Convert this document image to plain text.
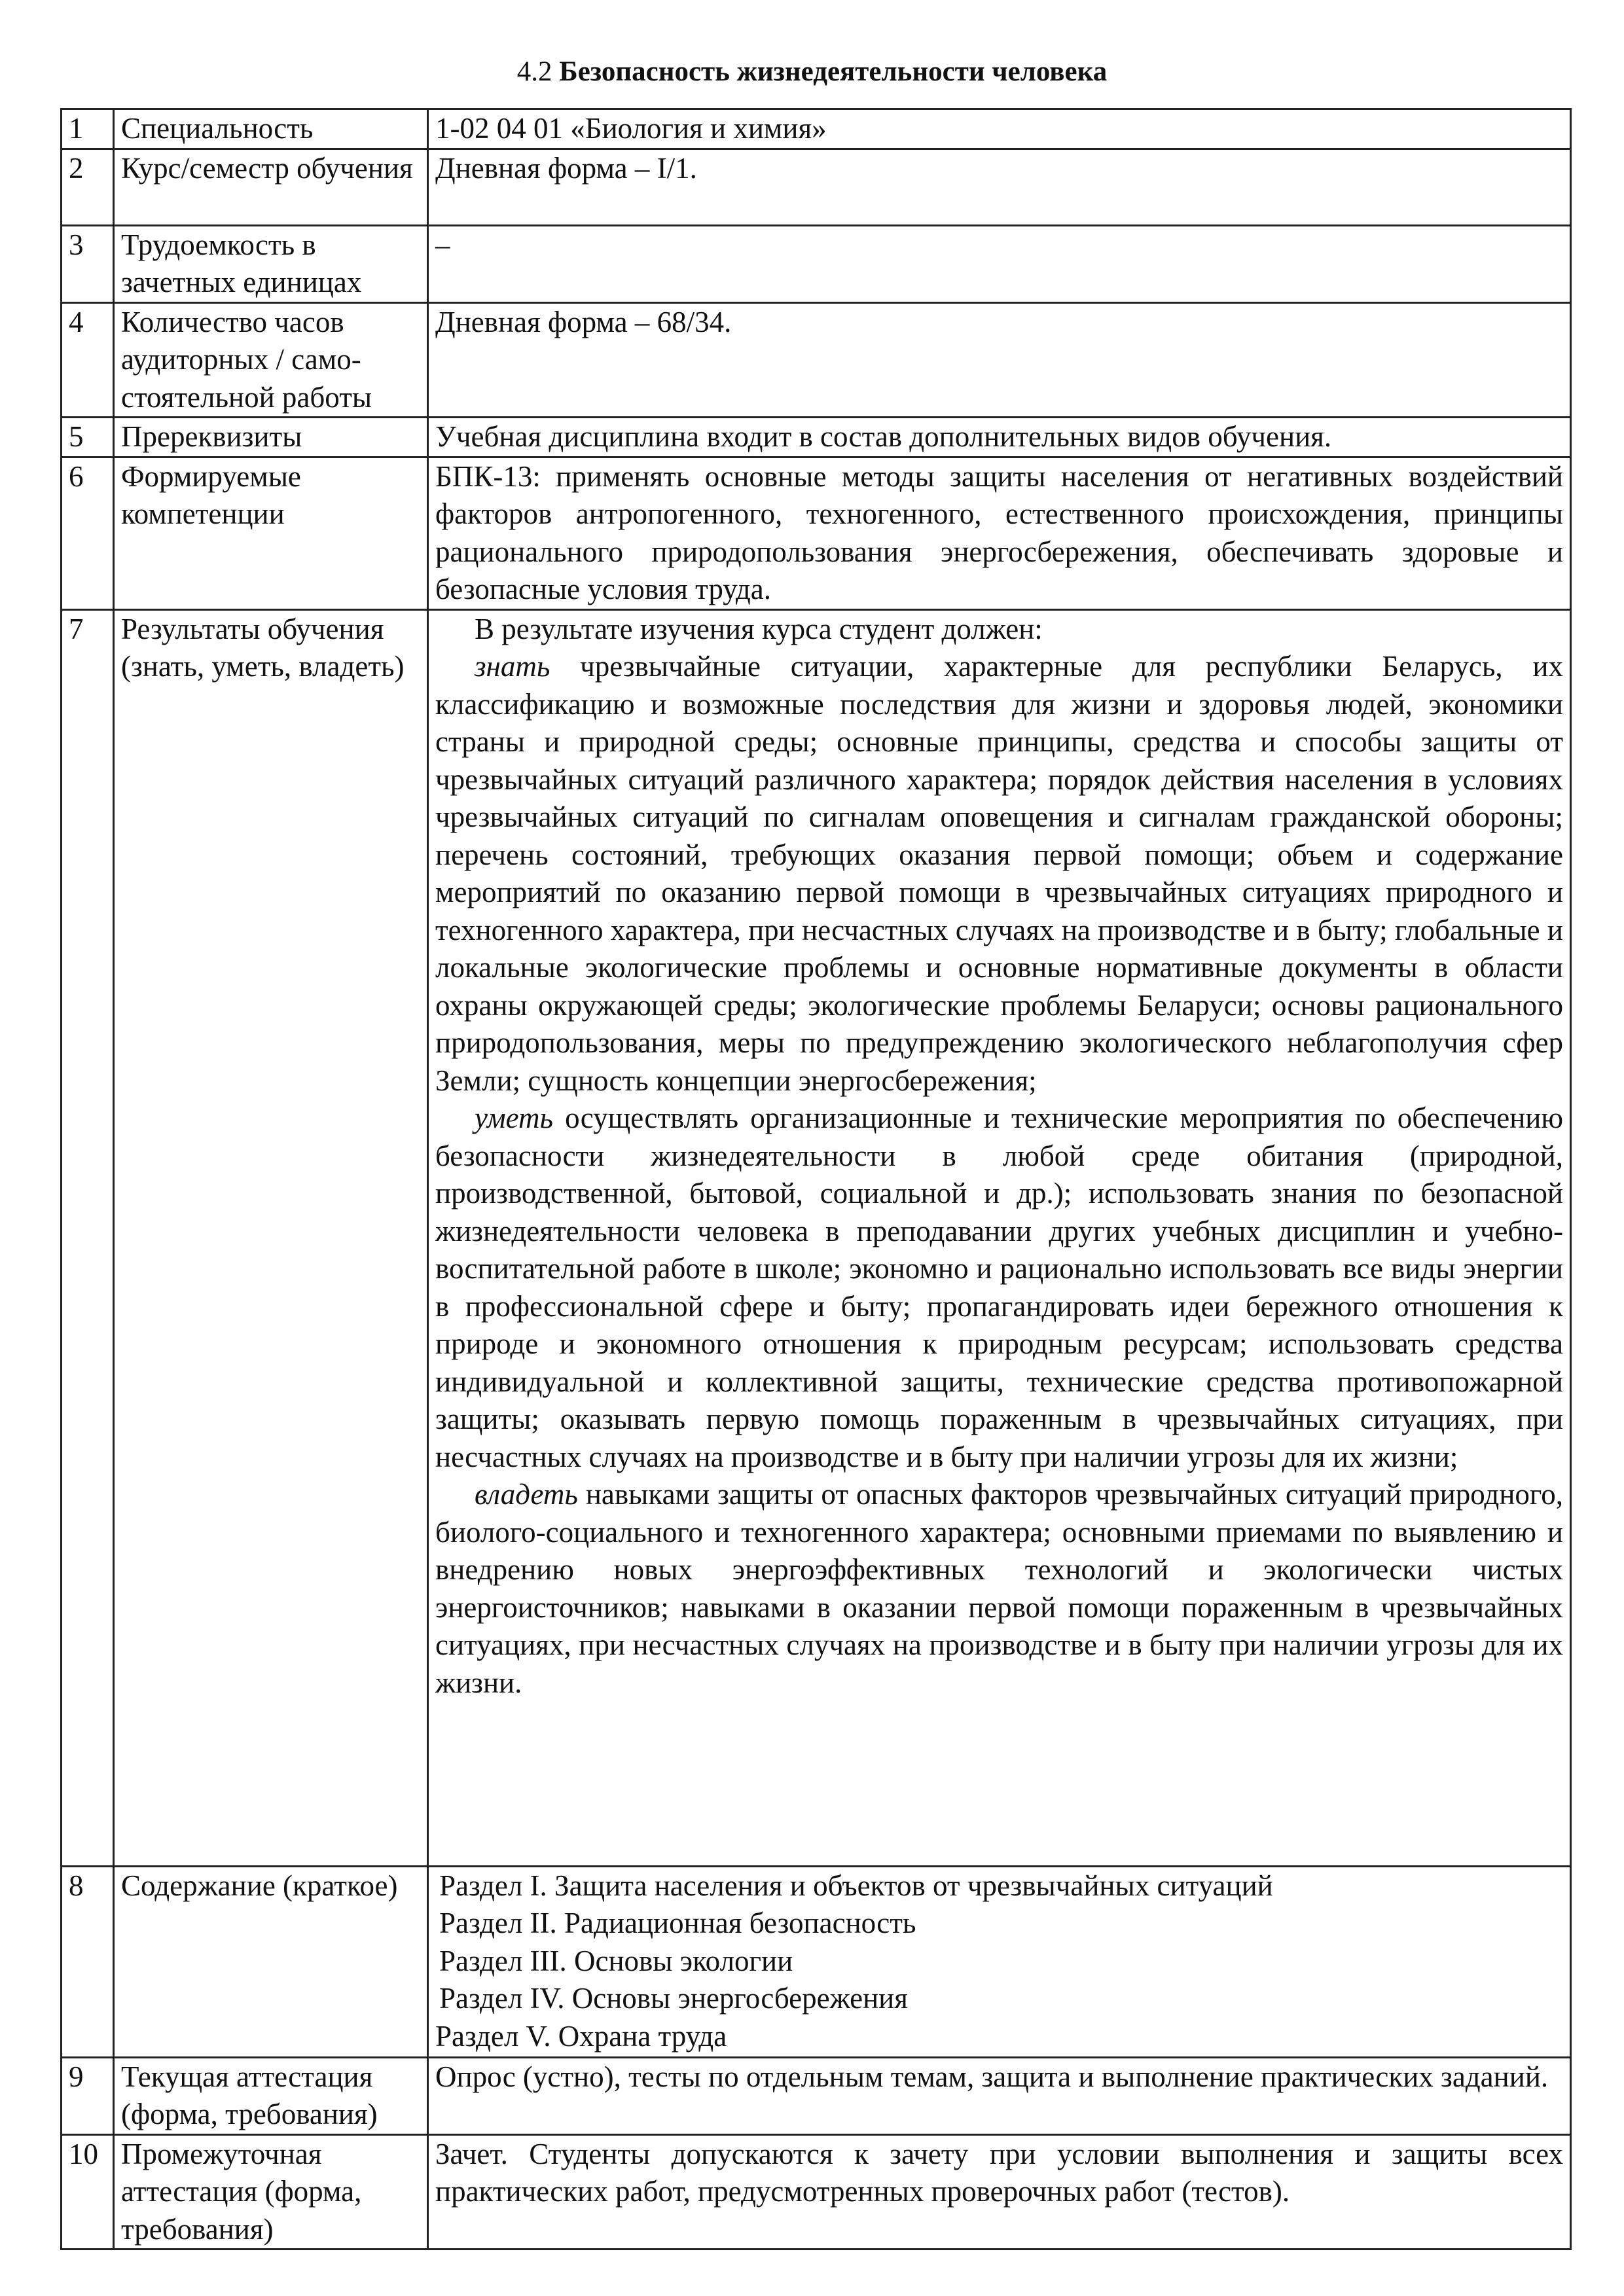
4.2 Безопасность жизнедеятельности человека
1	Специальность	1-02 04 01 «Биология и химия»
2	Курс/семестр обучения	Дневная форма – I/1.
3	Трудоемкость в зачетных единицах	–
4	Количество часов аудиторных / само-стоятельной работы	Дневная форма – 68/34.
5	Пререквизиты	Учебная дисциплина входит в состав дополнительных видов обучения.
6	Формируемые компетенции	БПК-13: применять основные методы защиты населения от негативных воздействий факторов антропогенного, техногенного, естественного происхождения, принципы рационального природопользования энергосбережения, обеспечивать здоровые и безопасные условия труда.
7	Результаты обучения (знать, уметь, владеть)	В результате изучения курса студент должен:

знать чрезвычайные ситуации, характерные для республики Беларусь, их классификацию и возможные последствия для жизни и здоровья людей, экономики страны и природной среды; основные принципы, средства и способы защиты от чрезвычайных ситуаций различного характера; порядок действия населения в условиях чрезвычайных ситуаций по сигналам оповещения и сигналам гражданской обороны; перечень состояний, требующих оказания первой помощи; объем и содержание мероприятий по оказанию первой помощи в чрезвычайных ситуациях природного и техногенного характера, при несчастных случаях на производстве и в быту; глобальные и локальные экологические проблемы и основные нормативные документы в области охраны окружающей среды; экологические проблемы Беларуси; основы рационального природопользования, меры по предупреждению экологического неблагополучия сфер Земли; сущность концепции энергосбережения;

уметь осуществлять организационные и технические мероприятия по обеспечению безопасности жизнедеятельности в любой среде обитания (природной, производственной, бытовой, социальной и др.); использовать знания по безопасной жизнедеятельности человека в преподавании других учебных дисциплин и учебно-воспитательной работе в школе; экономно и рационально использовать все виды энергии в профессиональной сфере и быту; пропагандировать идеи бережного отношения к природе и экономного отношения к природным ресурсам; использовать средства индивидуальной и коллективной защиты, технические средства противопожарной защиты; оказывать первую помощь пораженным в чрезвычайных ситуациях, при несчастных случаях на производстве и в быту при наличии угрозы для их жизни;

владеть навыками защиты от опасных факторов чрезвычайных ситуаций природного, биолого-социального и техногенного характера; основными приемами по выявлению и внедрению новых энергоэффективных технологий и экологически чистых энергоисточников; навыками в оказании первой помощи пораженным в чрезвычайных ситуациях, при несчастных случаях на производстве и в быту при наличии угрозы для их жизни.

8	Содержание (краткое)	Раздел I. Защита населения и объектов от чрезвычайных ситуаций

Раздел II. Радиационная безопасность

Раздел III. Основы экологии

Раздел IV. Основы энергосбережения

Раздел V. Охрана труда

9	Текущая аттестация (форма, требования)	Опрос (устно), тесты по отдельным темам, защита и выполнение практических заданий.
10	Промежуточная аттестация (форма, требования)	Зачет. Студенты допускаются к зачету при условии выполнения и защиты всех практических работ, предусмотренных проверочных работ (тестов).
